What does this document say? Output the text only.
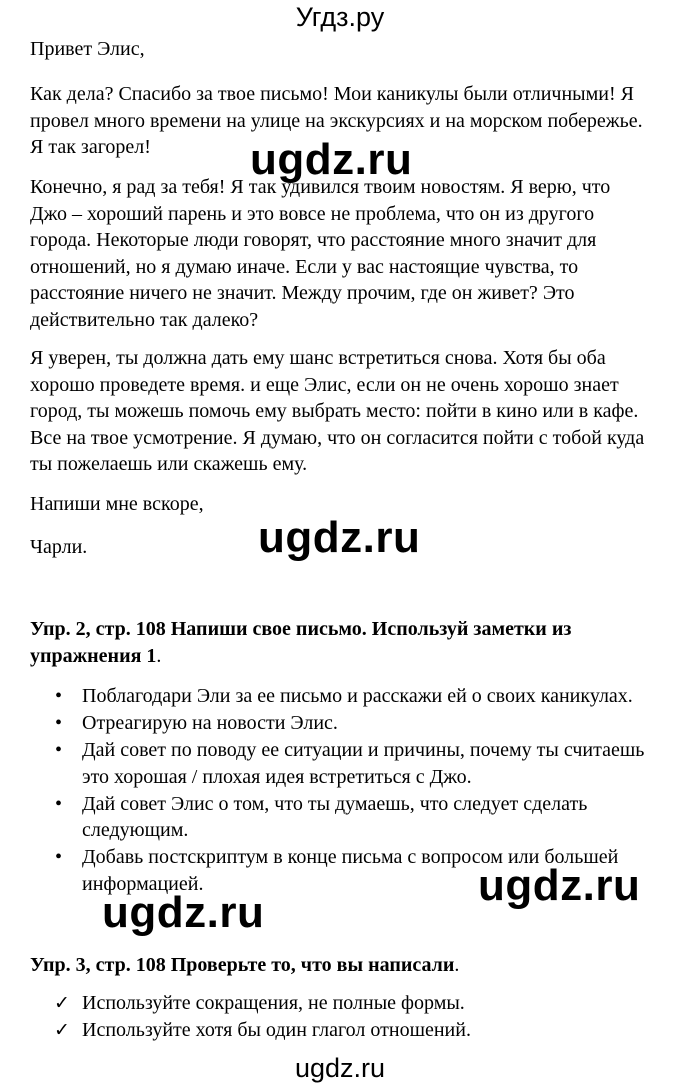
Угдз.ру
Привет Элис,
Как дела? Спасибо за твое письмо! Мои каникулы были отличными! Я
провел много времени на улице на экскурсиях и на морском побережье.
Я так загорел!
Конечно, я рад за тебя! Я так удивился твоим новостям. Я верю, что
Джо – хороший парень и это вовсе не проблема, что он из другого
города. Некоторые люди говорят, что расстояние много значит для
отношений, но я думаю иначе. Если у вас настоящие чувства, то
расстояние ничего не значит. Между прочим, где он живет? Это
действительно так далеко?
Я уверен, ты должна дать ему шанс встретиться снова. Хотя бы оба
хорошо проведете время. и еще Элис, если он не очень хорошо знает
город, ты можешь помочь ему выбрать место: пойти в кино или в кафе.
Все на твое усмотрение. Я думаю, что он согласится пойти с тобой куда
ты пожелаешь или скажешь ему.
Напиши мне вскоре,
Чарли.
Упр. 2, стр. 108 Напиши свое письмо. Используй заметки из
упражнения 1.
• Поблагодари Эли за ее письмо и расскажи ей о своих каникулах.
• Отреагирую на новости Элис.
• Дай совет по поводу ее ситуации и причины, почему ты считаешь
это хорошая / плохая идея встретиться с Джо.
• Дай совет Элис о том, что ты думаешь, что следует сделать
следующим.
• Добавь постскриптум в конце письма с вопросом или большей
информацией.
Упр. 3, стр. 108 Проверьте то, что вы написали.
✓ Используйте сокращения, не полные формы.
✓ Используйте хотя бы один глагол отношений.
ugdz.ru
ugdz.ru
ugdz.ru
ugdz.ru
ugdz.ru
